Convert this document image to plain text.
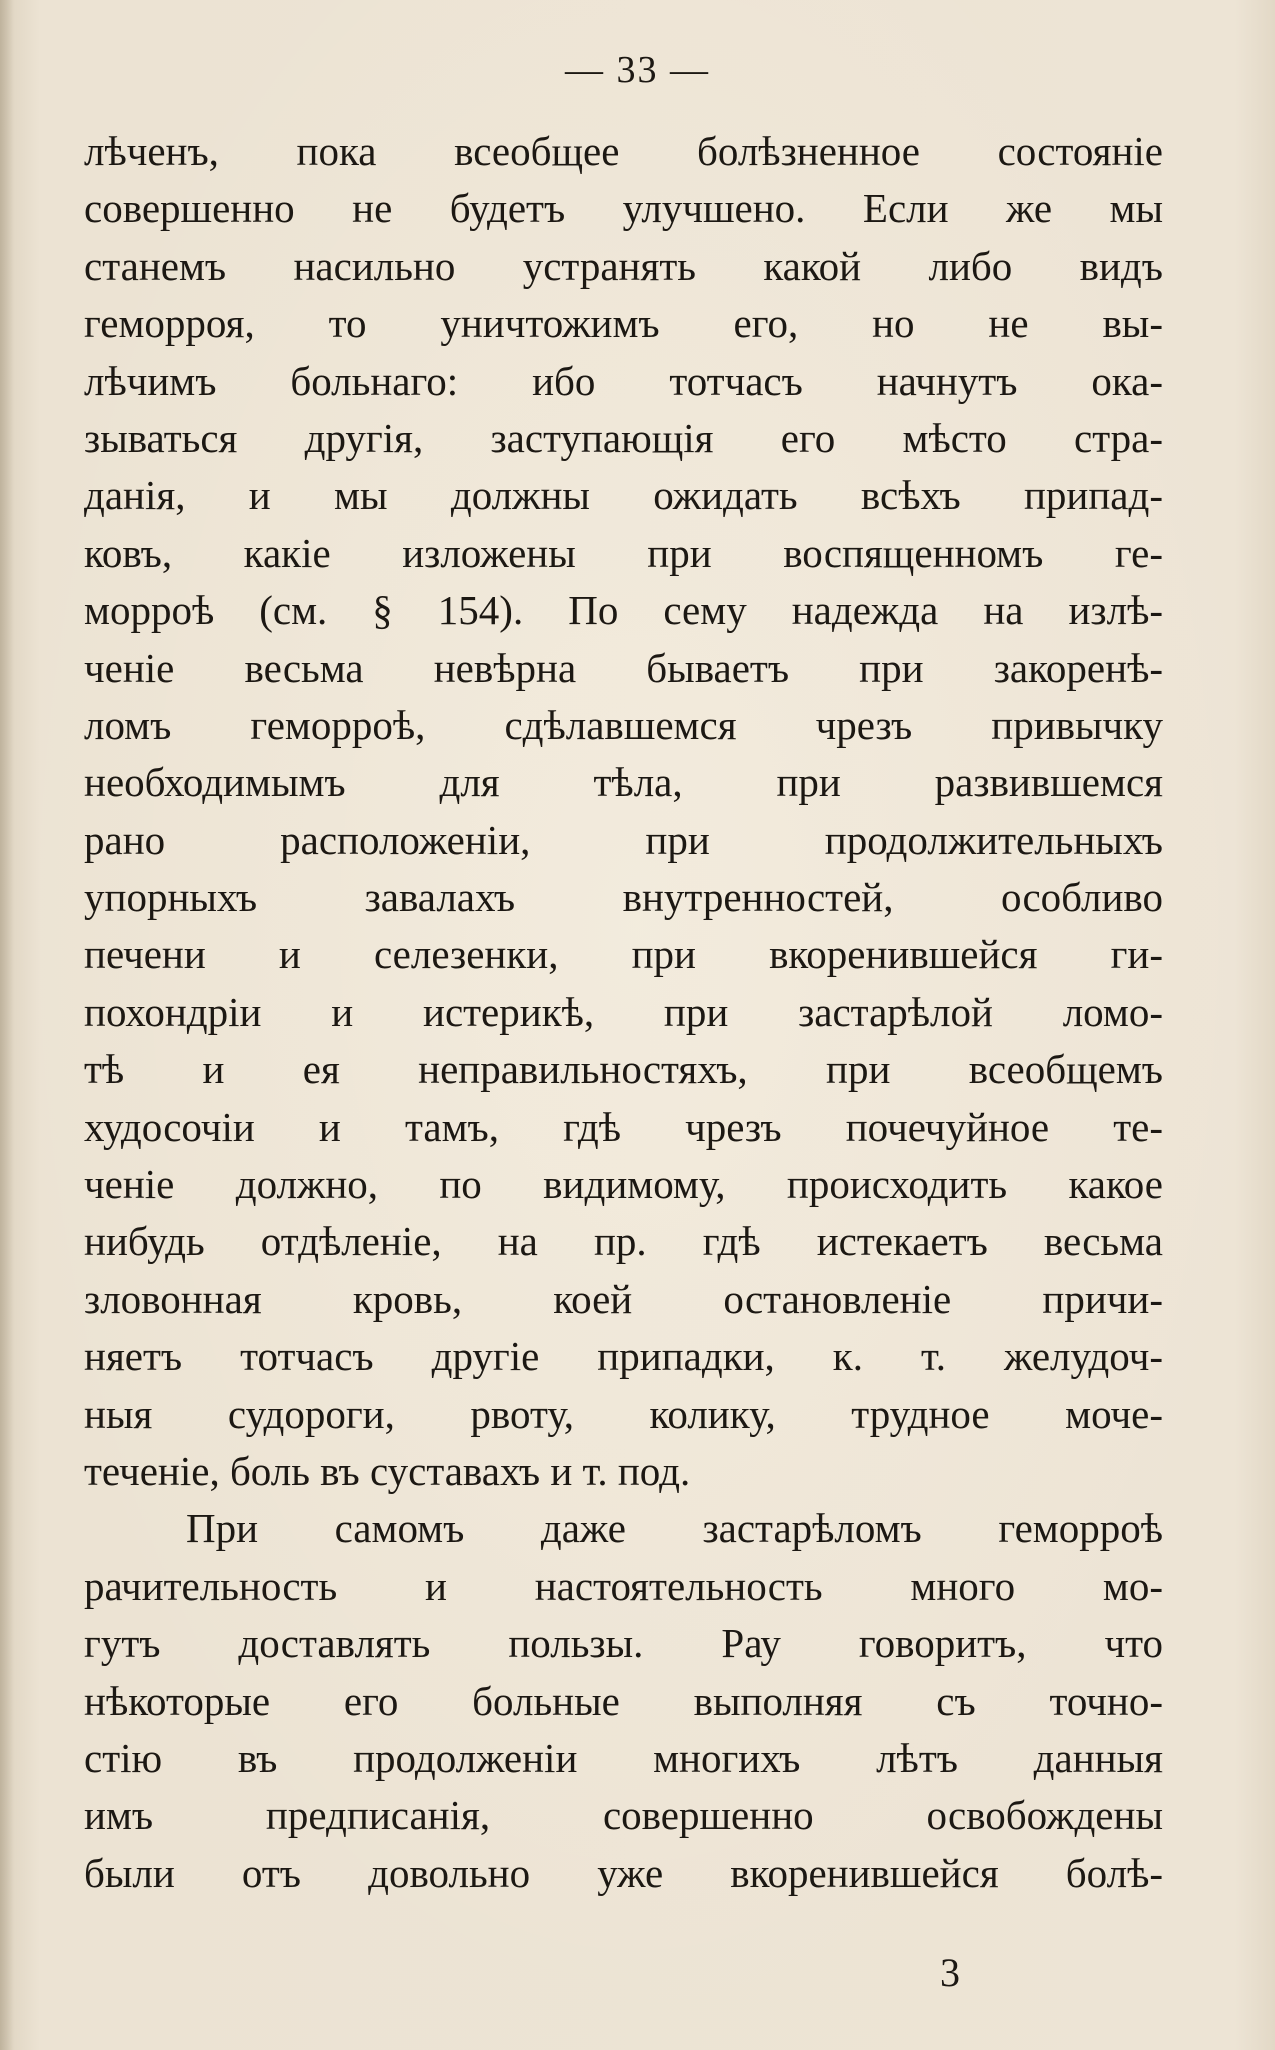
— 33 —
лѣченъ, пока всеобщее болѣзненное состояніе
совершенно не будетъ улучшено. Если же мы
станемъ насильно устранять какой либо видъ
геморроя, то уничтожимъ его, но не вы-
лѣчимъ больнаго: ибо тотчасъ начнутъ ока-
зываться другія, заступающія его мѣсто стра-
данія, и мы должны ожидать всѣхъ припад-
ковъ, какіе изложены при воспященномъ ге-
морроѣ (см. § 154). По сему надежда на излѣ-
ченіе весьма невѣрна бываетъ при закоренѣ-
ломъ геморроѣ, сдѣлавшемся чрезъ привычку
необходимымъ для тѣла, при развившемся
рано расположеніи, при продолжительныхъ
упорныхъ завалахъ внутренностей, особливо
печени и селезенки, при вкоренившейся ги-
похондріи и истерикѣ, при застарѣлой ломо-
тѣ и ея неправильностяхъ, при всеобщемъ
худосочіи и тамъ, гдѣ чрезъ почечуйное те-
ченіе должно, по видимому, происходить какое
нибудь отдѣленіе, на пр. гдѣ истекаетъ весьма
зловонная кровь, коей остановленіе причи-
няетъ тотчасъ другіе припадки, к. т. желудоч-
ныя судороги, рвоту, колику, трудное моче-
теченіе, боль въ суставахъ и т. под.
При самомъ даже застарѣломъ геморроѣ
рачительность и настоятельность много мо-
гутъ доставлять пользы. Рау говоритъ, что
нѣкоторые его больные выполняя съ точно-
стію въ продолженіи многихъ лѣтъ данныя
имъ предписанія, совершенно освобождены
были отъ довольно уже вкоренившейся болѣ-
3
